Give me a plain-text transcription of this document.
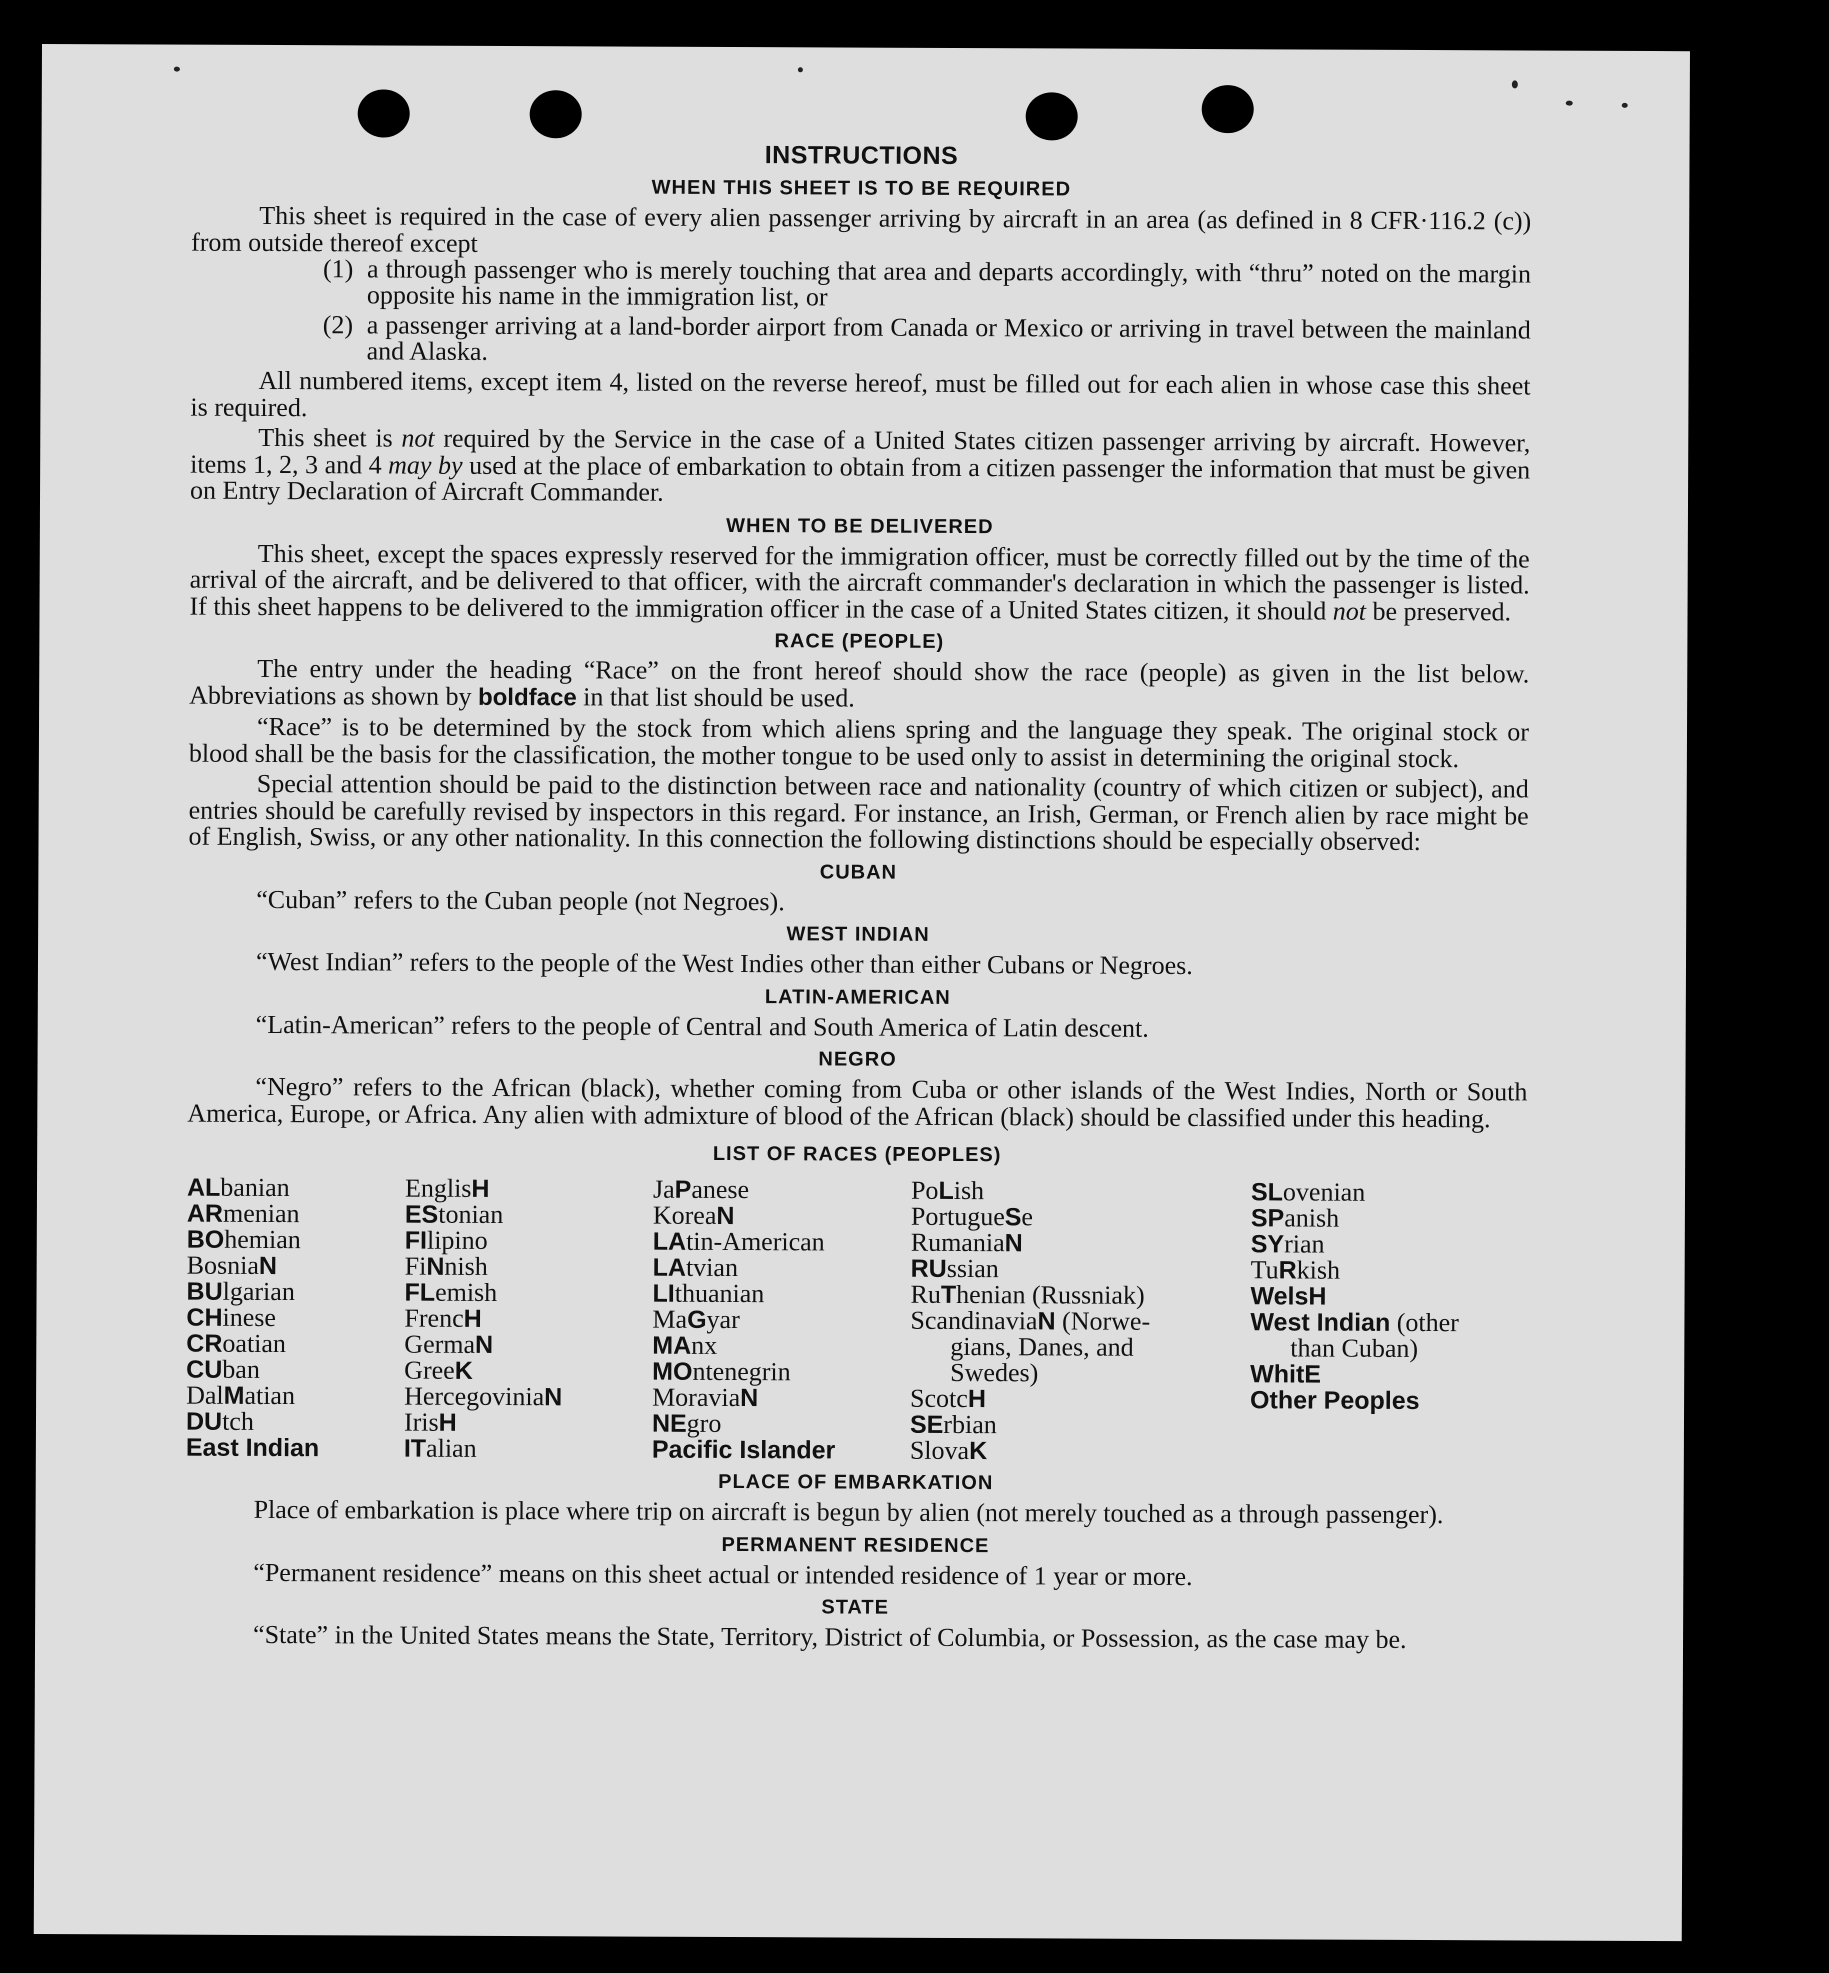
INSTRUCTIONS
WHEN THIS SHEET IS TO BE REQUIRED

This sheet is required in the case of every alien passenger arriving by aircraft in an area (as defined in 8 CFR·116.2 (c)) from outside thereof except

(1) a through passenger who is merely touching that area and departs accordingly, with “thru” noted on the margin opposite his name in the immigration list, or
(2) a passenger arriving at a land-border airport from Canada or Mexico or arriving in travel between the mainland and Alaska.

All numbered items, except item 4, listed on the reverse hereof, must be filled out for each alien in whose case this sheet is required.

This sheet is not required by the Service in the case of a United States citizen passenger arriving by aircraft. However, items 1, 2, 3 and 4 may by used at the place of embarkation to obtain from a citizen passenger the information that must be given on Entry Declaration of Aircraft Commander.

WHEN TO BE DELIVERED

This sheet, except the spaces expressly reserved for the immigration officer, must be correctly filled out by the time of the arrival of the aircraft, and be delivered to that officer, with the aircraft commander's declaration in which the passenger is listed. If this sheet happens to be delivered to the immigration officer in the case of a United States citizen, it should not be preserved.

RACE (PEOPLE)

The entry under the heading “Race” on the front hereof should show the race (people) as given in the list below. Abbreviations as shown by boldface in that list should be used.

“Race” is to be determined by the stock from which aliens spring and the language they speak. The original stock or blood shall be the basis for the classification, the mother tongue to be used only to assist in determining the original stock.

Special attention should be paid to the distinction between race and nationality (country of which citizen or subject), and entries should be carefully revised by inspectors in this regard. For instance, an Irish, German, or French alien by race might be of English, Swiss, or any other nationality. In this connection the following distinctions should be especially observed:

CUBAN

“Cuban” refers to the Cuban people (not Negroes).

WEST INDIAN

“West Indian” refers to the people of the West Indies other than either Cubans or Negroes.

LATIN-AMERICAN

“Latin-American” refers to the people of Central and South America of Latin descent.

NEGRO

“Negro” refers to the African (black), whether coming from Cuba or other islands of the West Indies, North or South America, Europe, or Africa. Any alien with admixture of blood of the African (black) should be classified under this heading.

LIST OF RACES (PEOPLES)
ALbanian
ARmenian
BOhemian
BosniaN
BUlgarian
CHinese
CRoatian
CUban
DalMatian
DUtch
East Indian
EnglisH
EStonian
FIlipino
FiNnish
FLemish
FrencH
GermaN
GreeK
HercegoviniaN
IrisH
ITalian
JaPanese
KoreaN
LAtin-American
LAtvian
LIthuanian
MaGyar
MAnx
MOntenegrin
MoraviaN
NEgro
Pacific Islander
PoLish
PortugueSe
RumaniaN
RUssian
RuThenian (Russniak)
ScandinaviaN (Norwe-
gians, Danes, and
Swedes)
ScotcH
SErbian
SlovaK
SLovenian
SPanish
SYrian
TuRkish
WelsH
West Indian (other
than Cuban)
WhitE
Other Peoples
PLACE OF EMBARKATION

Place of embarkation is place where trip on aircraft is begun by alien (not merely touched as a through passenger).

PERMANENT RESIDENCE

“Permanent residence” means on this sheet actual or intended residence of 1 year or more.

STATE

“State” in the United States means the State, Territory, District of Columbia, or Possession, as the case may be.
